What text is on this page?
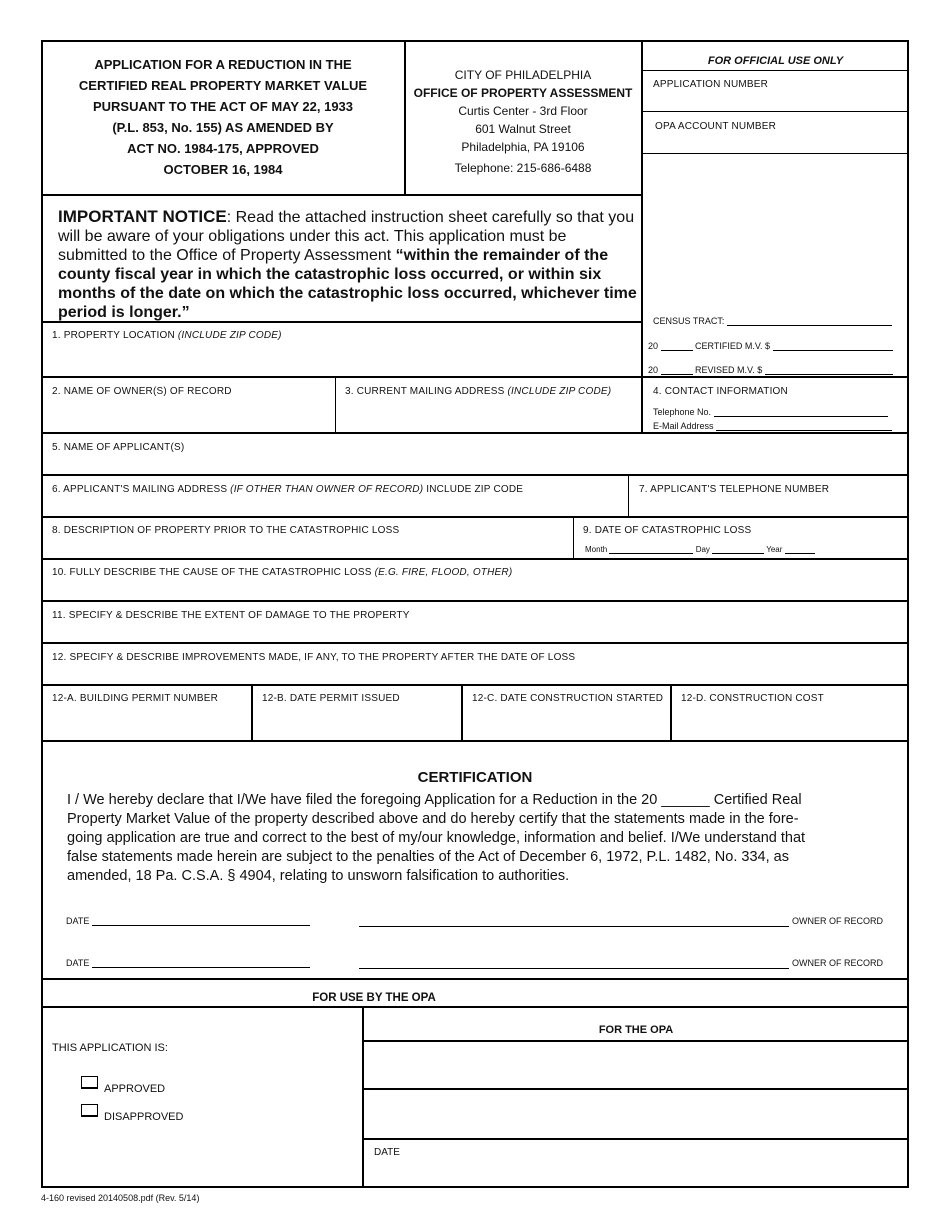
APPLICATION FOR A REDUCTION IN THE
CERTIFIED REAL PROPERTY MARKET VALUE
PURSUANT TO THE ACT OF MAY 22, 1933
(P.L. 853, No. 155) AS AMENDED BY
ACT NO. 1984-175, APPROVED
OCTOBER 16, 1984
CITY OF PHILADELPHIA
OFFICE OF PROPERTY ASSESSMENT
Curtis Center - 3rd Floor
601 Walnut Street
Philadelphia, PA 19106
Telephone: 215-686-6488
FOR OFFICIAL USE ONLY
APPLICATION NUMBER
OPA ACCOUNT NUMBER
CENSUS TRACT:
20	CERTIFIED M.V. $
20	REVISED M.V. $
IMPORTANT NOTICE: Read the attached instruction sheet carefully so that you will be aware of your obligations under this act. This application must be submitted to the Office of Property Assessment “within the remainder of the county fiscal year in which the catastrophic loss occurred, or within six months of the date on which the catastrophic loss occurred, whichever time period is longer.”
1. PROPERTY LOCATION (INCLUDE ZIP CODE)
2. NAME OF OWNER(S) OF RECORD	3. CURRENT MAILING ADDRESS (INCLUDE ZIP CODE)	4. CONTACT INFORMATION
Telephone No.
E-Mail Address
5. NAME OF APPLICANT(S)
6. APPLICANT'S MAILING ADDRESS (IF OTHER THAN OWNER OF RECORD) INCLUDE ZIP CODE	7. APPLICANT'S TELEPHONE NUMBER
8. DESCRIPTION OF PROPERTY PRIOR TO THE CATASTROPHIC LOSS	9. DATE OF CATASTROPHIC LOSS
Month	Day	Year
10. FULLY DESCRIBE THE CAUSE OF THE CATASTROPHIC LOSS (E.G. FIRE, FLOOD, OTHER)
11. SPECIFY & DESCRIBE THE EXTENT OF DAMAGE TO THE PROPERTY
12. SPECIFY & DESCRIBE IMPROVEMENTS MADE, IF ANY, TO THE PROPERTY AFTER THE DATE OF LOSS
12-A. BUILDING PERMIT NUMBER	12-B. DATE PERMIT ISSUED	12-C. DATE CONSTRUCTION STARTED 12-D. CONSTRUCTION COST
CERTIFICATION
I / We hereby declare that I/We have filed the foregoing Application for a Reduction in the 20 ______ Certified Real
Property Market Value of the property described above and do hereby certify that the statements made in the fore-
going application are true and correct to the best of my/our knowledge, information and belief. I/We understand that
false statements made herein are subject to the penalties of the Act of December 6, 1972, P.L. 1482, No. 334, as
amended, 18 Pa. C.S.A. § 4904, relating to unsworn falsification to authorities.
DATE	OWNER OF RECORD
DATE	OWNER OF RECORD
FOR USE BY THE OPA
THIS APPLICATION IS:
APPROVED
DISAPPROVED
FOR THE OPA
DATE
4-160 revised 20140508.pdf (Rev. 5/14)
